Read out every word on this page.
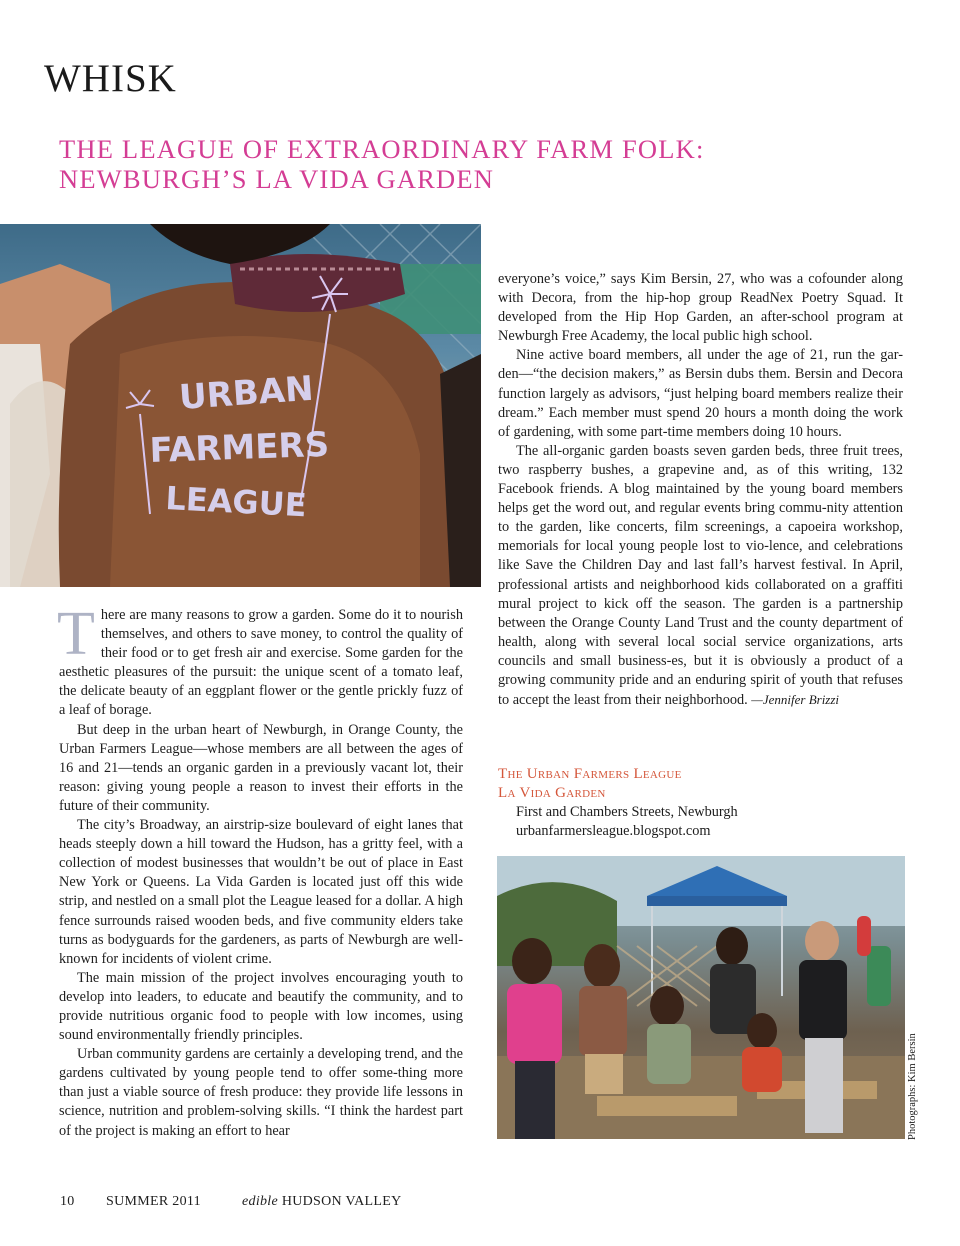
WHISK
THE LEAGUE OF EXTRAORDINARY FARM FOLK:
NEWBURGH’S LA VIDA GARDEN
URBAN
FARMERS
LEAGUE

There are many reasons to grow a garden. Some do it to nourish themselves, and others to save money, to control the quality of their food or to get fresh air and exercise. Some garden for the aesthetic pleasures of the pursuit: the unique scent of a tomato leaf, the delicate beauty of an eggplant flower or the gentle prickly fuzz of a leaf of borage.

But deep in the urban heart of Newburgh, in Orange County, the Urban Farmers League—whose members are all between the ages of 16 and 21—tends an organic garden in a previously vacant lot, their reason: giving young people a reason to invest their efforts in the future of their community.

The city’s Broadway, an airstrip-size boulevard of eight lanes that heads steeply down a hill toward the Hudson, has a gritty feel, with a collection of modest businesses that wouldn’t be out of place in East New York or Queens. La Vida Garden is located just off this wide strip, and nestled on a small plot the League leased for a dollar. A high fence surrounds raised wooden beds, and five community elders take turns as bodyguards for the gardeners, as parts of Newburgh are well-known for incidents of violent crime.

The main mission of the project involves encouraging youth to develop into leaders, to educate and beautify the community, and to provide nutritious organic food to people with low incomes, using sound environmentally friendly principles.

Urban community gardens are certainly a developing trend, and the gardens cultivated by young people tend to offer some-thing more than just a viable source of fresh produce: they provide life lessons in science, nutrition and problem-solving skills. “I think the hardest part of the project is making an effort to hear

everyone’s voice,” says Kim Bersin, 27, who was a cofounder along with Decora, from the hip-hop group ReadNex Poetry Squad. It developed from the Hip Hop Garden, an after-school program at Newburgh Free Academy, the local public high school.

Nine active board members, all under the age of 21, run the gar-den—“the decision makers,” as Bersin dubs them. Bersin and Decora function largely as advisors, “just helping board members realize their dream.” Each member must spend 20 hours a month doing the work of gardening, with some part-time members doing 10 hours.

The all-organic garden boasts seven garden beds, three fruit trees, two raspberry bushes, a grapevine and, as of this writing, 132 Facebook friends. A blog maintained by the young board members helps get the word out, and regular events bring commu-nity attention to the garden, like concerts, film screenings, a capoeira workshop, memorials for local young people lost to vio-lence, and celebrations like Save the Children Day and last fall’s harvest festival. In April, professional artists and neighborhood kids collaborated on a graffiti mural project to kick off the season. The garden is a partnership between the Orange County Land Trust and the county department of health, along with several local social service organizations, arts councils and small business-es, but it is obviously a product of a growing community pride and an enduring spirit of youth that refuses to accept the least from their neighborhood. —Jennifer Brizzi

The Urban Farmers League
La Vida Garden
First and Chambers Streets, Newburgh
urbanfarmersleague.blogspot.com
Photographs: Kim Bersin
10 SUMMER 2011	edible HUDSON VALLEY
